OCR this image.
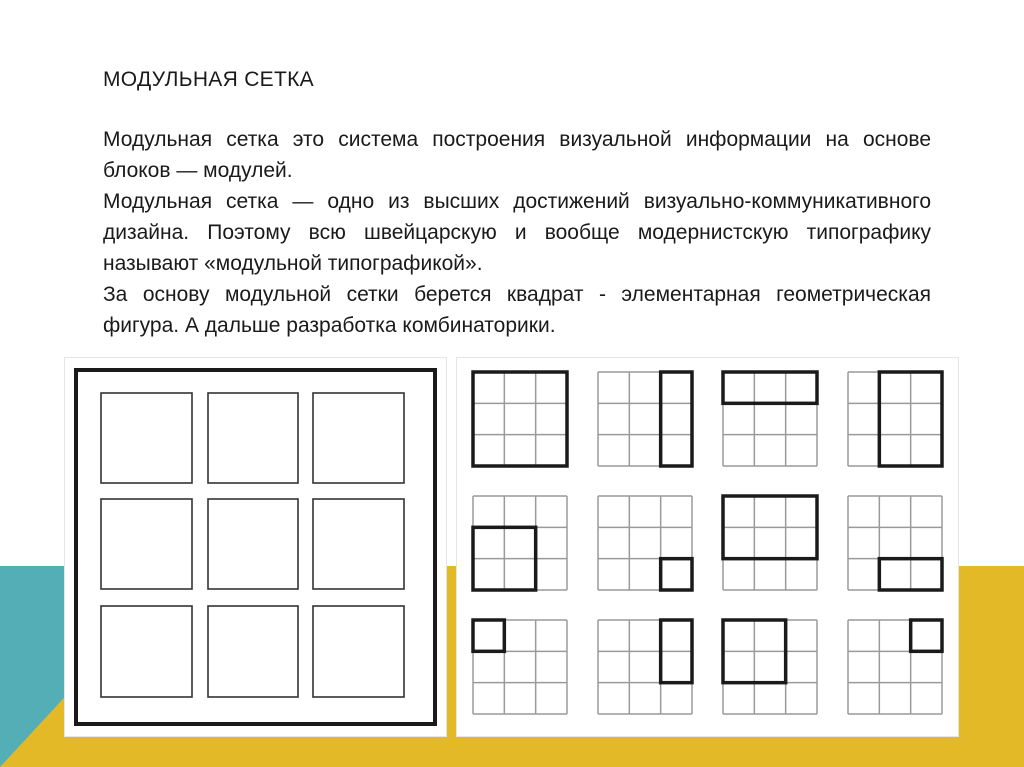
МОДУЛЬНАЯ СЕТКА

Модульная сетка это система построения визуальной информации на основе блоков — модулей.

Модульная сетка — одно из высших достижений визуально-коммуникативного дизайна. Поэтому всю швейцарскую и вообще модернистскую типографику называют «модульной типографикой».

За основу модульной сетки берется квадрат - элементарная геометрическая фигура. А дальше разработка комбинаторики.
